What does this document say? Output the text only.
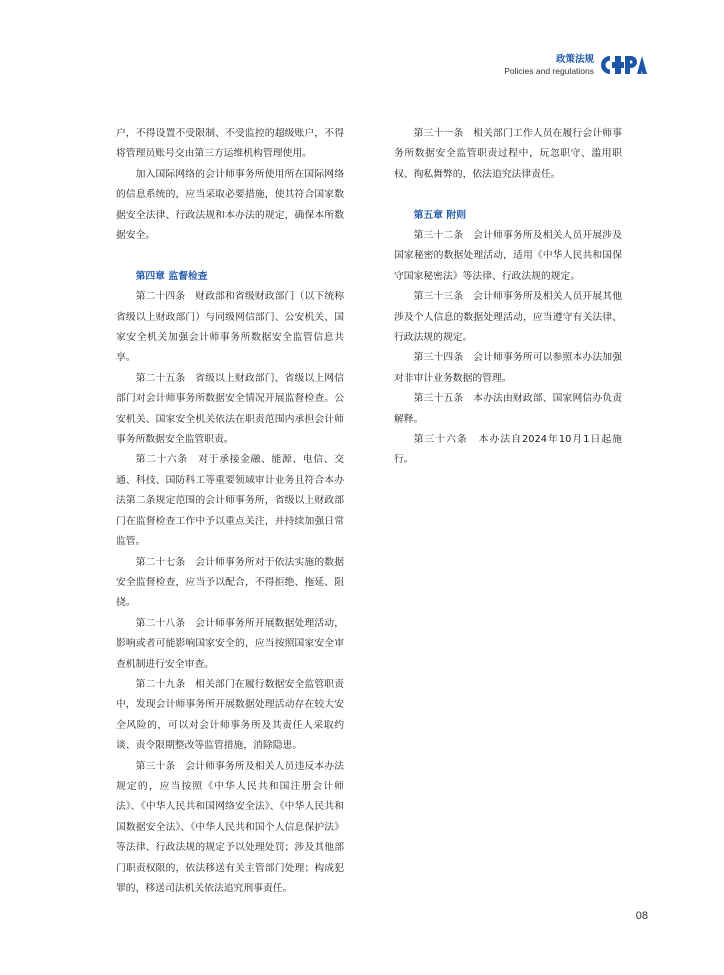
政策法规
Policies and regulations

户，不得设置不受限制、不受监控的超级账户，不得将管理员账号交由第三方运维机构管理使用。

加入国际网络的会计师事务所使用所在国际网络的信息系统的，应当采取必要措施，使其符合国家数据安全法律、行政法规和本办法的规定，确保本所数据安全。

第四章 监督检查

第二十四条　财政部和省级财政部门（以下统称省级以上财政部门）与同级网信部门、公安机关、国家安全机关加强会计师事务所数据安全监管信息共享。

第二十五条　省级以上财政部门、省级以上网信部门对会计师事务所数据安全情况开展监督检查。公安机关、国家安全机关依法在职责范围内承担会计师事务所数据安全监管职责。

第二十六条　对于承接金融、能源、电信、交通、科技、国防科工等重要领域审计业务且符合本办法第二条规定范围的会计师事务所，省级以上财政部门在监督检查工作中予以重点关注，并持续加强日常监管。

第二十七条　会计师事务所对于依法实施的数据安全监督检查，应当予以配合，不得拒绝、拖延、阻挠。

第二十八条　会计师事务所开展数据处理活动，影响或者可能影响国家安全的，应当按照国家安全审查机制进行安全审查。

第二十九条　相关部门在履行数据安全监管职责中，发现会计师事务所开展数据处理活动存在较大安全风险的，可以对会计师事务所及其责任人采取约谈、责令限期整改等监管措施，消除隐患。

第三十条　会计师事务所及相关人员违反本办法规定的，应当按照《中华人民共和国注册会计师法》、《中华人民共和国网络安全法》、《中华人民共和国数据安全法》、《中华人民共和国个人信息保护法》等法律、行政法规的规定予以处理处罚；涉及其他部门职责权限的，依法移送有关主管部门处理；构成犯罪的，移送司法机关依法追究刑事责任。

第三十一条　相关部门工作人员在履行会计师事务所数据安全监管职责过程中，玩忽职守、滥用职权、徇私舞弊的，依法追究法律责任。

第五章 附则

第三十二条　会计师事务所及相关人员开展涉及国家秘密的数据处理活动，适用《中华人民共和国保守国家秘密法》等法律、行政法规的规定。

第三十三条　会计师事务所及相关人员开展其他涉及个人信息的数据处理活动，应当遵守有关法律、行政法规的规定。

第三十四条　会计师事务所可以参照本办法加强对非审计业务数据的管理。

第三十五条　本办法由财政部、国家网信办负责解释。

第三十六条　本办法自2024年10月1日起施行。

08
